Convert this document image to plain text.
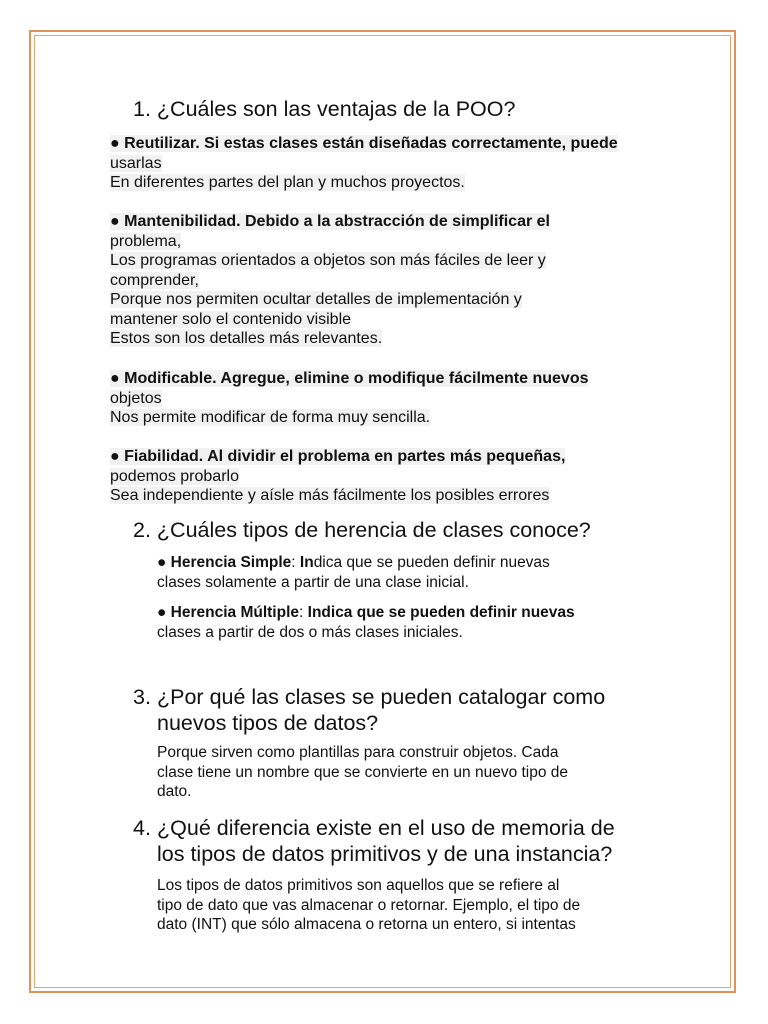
1. ¿Cuáles son las ventajas de la POO?
● Reutilizar. Si estas clases están diseñadas correctamente, puede
usarlas
En diferentes partes del plan y muchos proyectos.
● Mantenibilidad. Debido a la abstracción de simplificar el
problema,
Los programas orientados a objetos son más fáciles de leer y
comprender,
Porque nos permiten ocultar detalles de implementación y
mantener solo el contenido visible
Estos son los detalles más relevantes.
● Modificable. Agregue, elimine o modifique fácilmente nuevos
objetos
Nos permite modificar de forma muy sencilla.
● Fiabilidad. Al dividir el problema en partes más pequeñas,
podemos probarlo
Sea independiente y aísle más fácilmente los posibles errores
2. ¿Cuáles tipos de herencia de clases conoce?
● Herencia Simple: Indica que se pueden definir nuevas
clases solamente a partir de una clase inicial.
● Herencia Múltiple: Indica que se pueden definir nuevas
clases a partir de dos o más clases iniciales.
3. ¿Por qué las clases se pueden catalogar como
nuevos tipos de datos?
Porque sirven como plantillas para construir objetos. Cada
clase tiene un nombre que se convierte en un nuevo tipo de
dato.
4. ¿Qué diferencia existe en el uso de memoria de
los tipos de datos primitivos y de una instancia?
Los tipos de datos primitivos son aquellos que se refiere al
tipo de dato que vas almacenar o retornar. Ejemplo, el tipo de
dato (INT) que sólo almacena o retorna un entero, si intentas
